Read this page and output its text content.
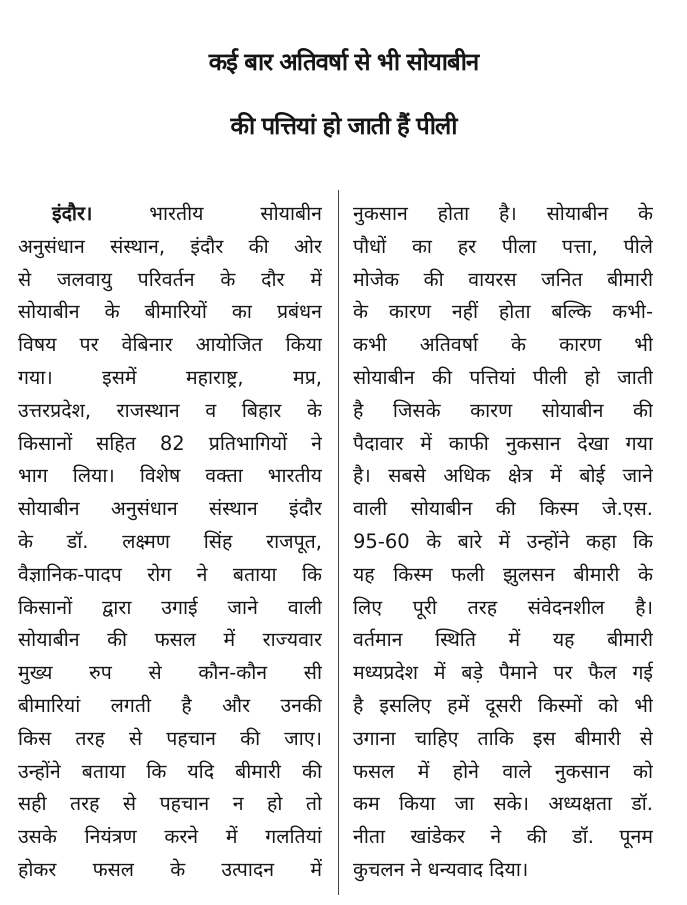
कई बार अतिवर्षा से भी सोयाबीन
की पत्तियां हो जाती हैं पीली
इंदौर।	भारतीय सोयाबीन
अनुसंधान संस्थान, इंदौर की ओर
से जलवायु परिवर्तन के दौर में
सोयाबीन के बीमारियों का प्रबंधन
विषय पर वेबिनार आयोजित किया
गया। इसमें महाराष्ट्र, मप्र,
उत्तरप्रदेश, राजस्थान व बिहार के
किसानों सहित 82 प्रतिभागियों ने
भाग लिया। विशेष वक्ता भारतीय
सोयाबीन अनुसंधान संस्थान इंदौर
के डॉ. लक्ष्मण सिंह राजपूत,
वैज्ञानिक-पादप रोग ने बताया कि
किसानों द्वारा उगाई जाने वाली
सोयाबीन की फसल में राज्यवार
मुख्य रुप से कौन-कौन सी
बीमारियां लगती है और उनकी
किस तरह से पहचान की जाए।
उन्होंने बताया कि यदि बीमारी की
सही तरह से पहचान न हो तो
उसके नियंत्रण करने में गलतियां
होकर फसल के उत्पादन में
नुकसान होता है। सोयाबीन के
पौधों का हर पीला पत्ता, पीले
मोजेक की वायरस जनित बीमारी
के कारण नहीं होता बल्कि कभी-
कभी अतिवर्षा के कारण भी
सोयाबीन की पत्तियां पीली हो जाती
है जिसके कारण सोयाबीन की
पैदावार में काफी नुकसान देखा गया
है। सबसे अधिक क्षेत्र में बोई जाने
वाली सोयाबीन की किस्म जे.एस.
95-60 के बारे में उन्होंने कहा कि
यह किस्म फली झुलसन बीमारी के
लिए पूरी तरह संवेदनशील है।
वर्तमान स्थिति में यह बीमारी
मध्यप्रदेश में बड़े पैमाने पर फैल गई
है इसलिए हमें दूसरी किस्मों को भी
उगाना चाहिए ताकि इस बीमारी से
फसल में होने वाले नुकसान को
कम किया जा सके। अध्यक्षता डॉ.
नीता खांडेकर ने की डॉ. पूनम
कुचलन ने धन्यवाद दिया।
